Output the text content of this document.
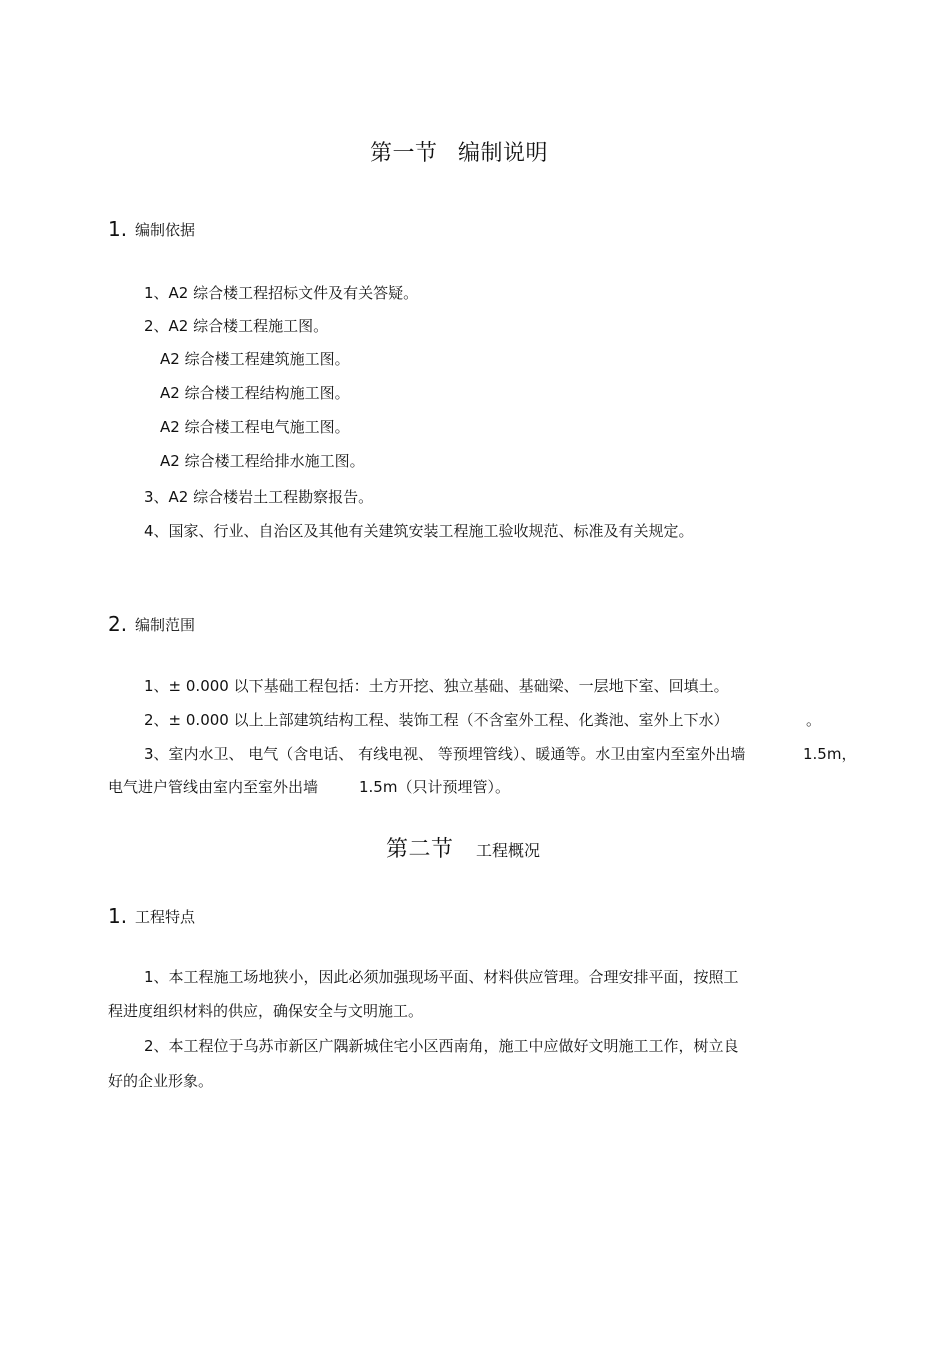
第一节 编制说明
1. 编制依据
1、A2 综合楼工程招标文件及有关答疑。
2、A2 综合楼工程施工图。
A2 综合楼工程建筑施工图。
A2 综合楼工程结构施工图。
A2 综合楼工程电气施工图。
A2 综合楼工程给排水施工图。
3、A2 综合楼岩土工程勘察报告。
4、国家、行业、自治区及其他有关建筑安装工程施工验收规范、标准及有关规定。
2. 编制范围
1、± 0.000 以下基础工程包括：土方开挖、独立基础、基础梁、一层地下室、回填土。
2、± 0.000 以上上部建筑结构工程、装饰工程（不含室外工程、化粪池、室外上下水）	。
3、室内水卫、 电气（含电话、 有线电视、 等预埋管线）、暖通等。水卫由室内至室外出墙	1.5m，
电气进户管线由室内至室外出墙	1.5m（只计预埋管）。
第二节 工程概况
1. 工程特点
1、本工程施工场地狭小，因此必须加强现场平面、材料供应管理。合理安排平面，按照工
程进度组织材料的供应，确保安全与文明施工。
2、本工程位于乌苏市新区广隅新城住宅小区西南角，施工中应做好文明施工工作，树立良
好的企业形象。
